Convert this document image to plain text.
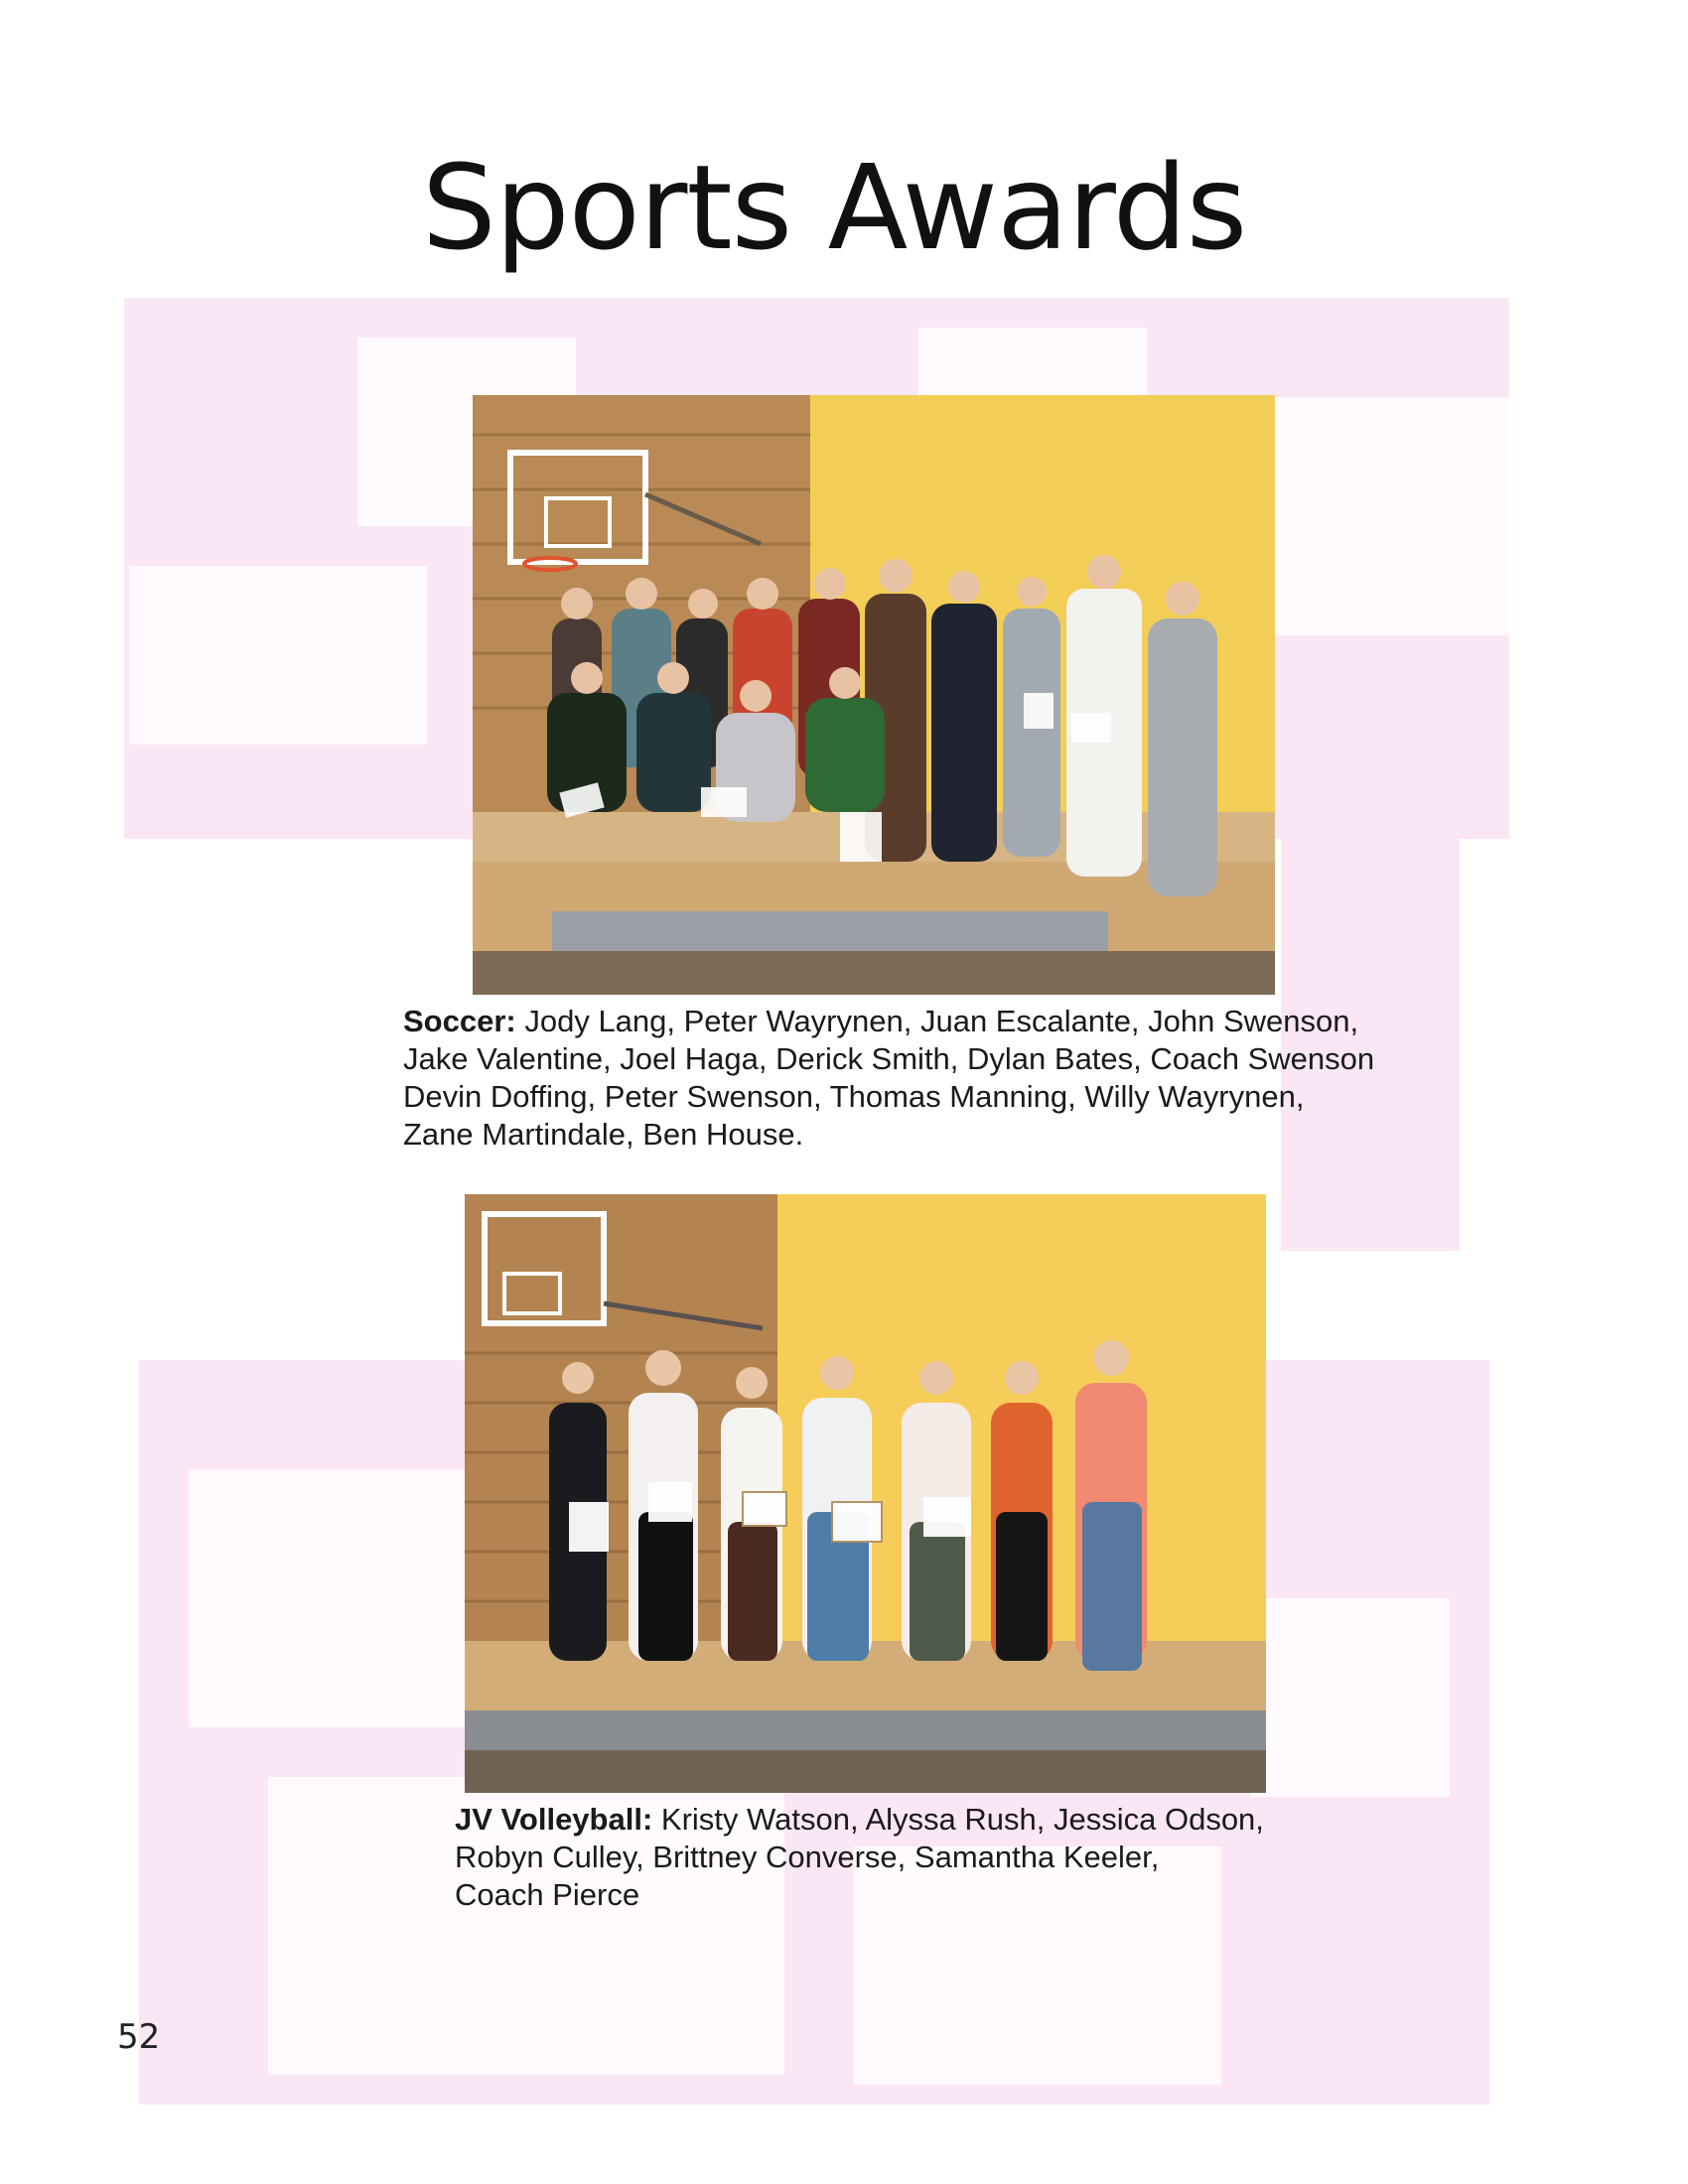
Sports Awards

Soccer: Jody Lang, Peter Wayrynen, Juan Escalante, John Swenson,
Jake Valentine, Joel Haga, Derick Smith, Dylan Bates, Coach Swenson
Devin Doffing, Peter Swenson, Thomas Manning, Willy Wayrynen,
Zane Martindale, Ben House.

JV Volleyball: Kristy Watson, Alyssa Rush, Jessica Odson,
Robyn Culley, Brittney Converse, Samantha Keeler,
Coach Pierce

52
